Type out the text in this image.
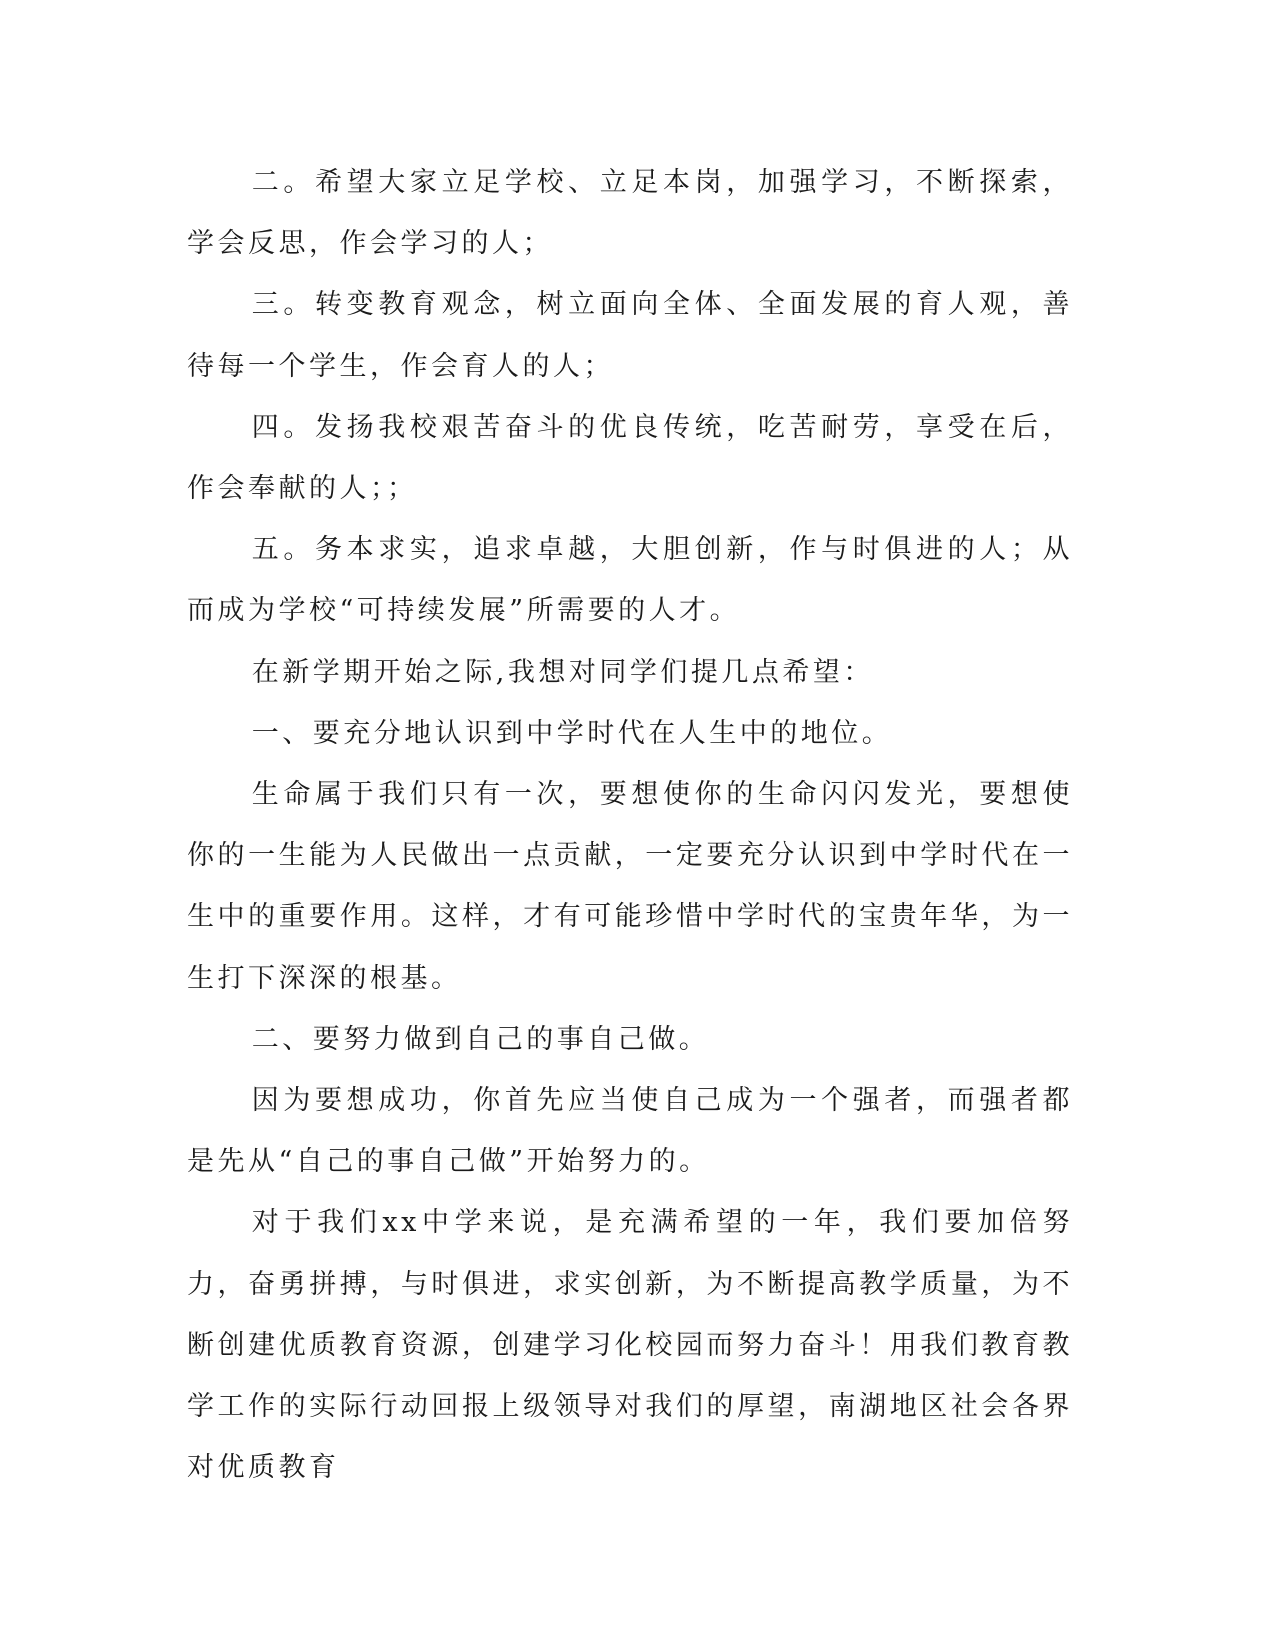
二。希望大家立足学校、立足本岗，加强学习，不断探索，学会反思，作会学习的人；

三。转变教育观念，树立面向全体、全面发展的育人观，善待每一个学生，作会育人的人；

四。发扬我校艰苦奋斗的优良传统，吃苦耐劳，享受在后，作会奉献的人；；

五。务本求实，追求卓越，大胆创新，作与时俱进的人；从而成为学校“可持续发展”所需要的人才。

在新学期开始之际,我想对同学们提几点希望：

一、要充分地认识到中学时代在人生中的地位。

生命属于我们只有一次，要想使你的生命闪闪发光，要想使你的一生能为人民做出一点贡献，一定要充分认识到中学时代在一生中的重要作用。这样，才有可能珍惜中学时代的宝贵年华，为一生打下深深的根基。

二、要努力做到自己的事自己做。

因为要想成功，你首先应当使自己成为一个强者，而强者都是先从“自己的事自己做”开始努力的。

对于我们xx中学来说，是充满希望的一年，我们要加倍努力，奋勇拼搏，与时俱进，求实创新，为不断提高教学质量，为不断创建优质教育资源，创建学习化校园而努力奋斗！用我们教育教学工作的实际行动回报上级领导对我们的厚望，南湖地区社会各界对优质教育
